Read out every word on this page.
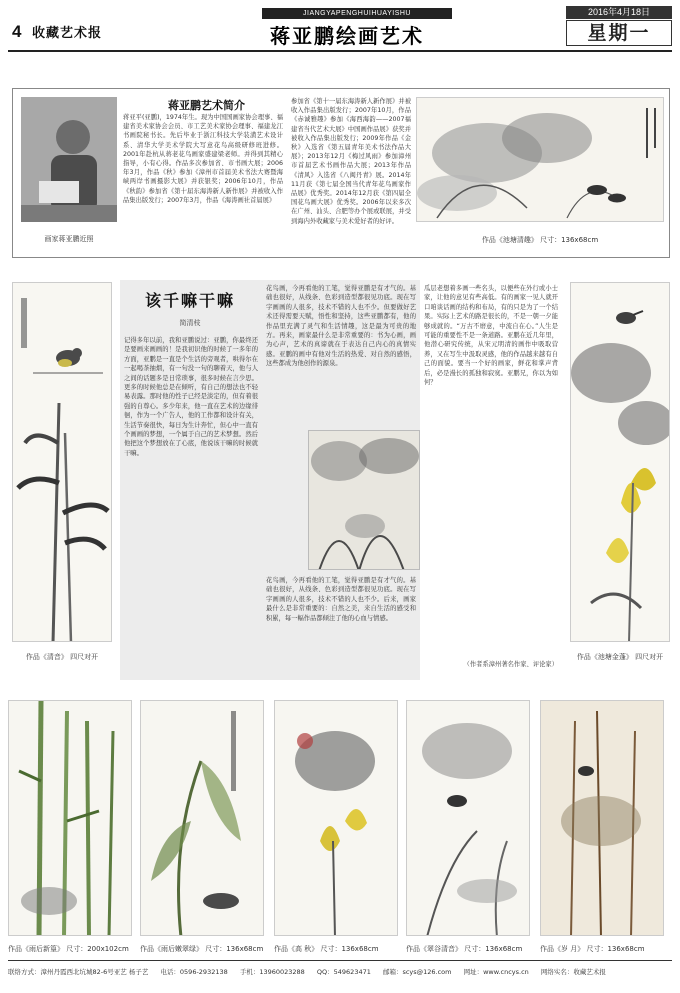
4 收藏艺术报
JIANGYAPENGHUIHUAYISHU
蒋亚鹏绘画艺术
2016年4月18日
星期一
画家蒋亚鹏近照
蒋亚鹏艺术简介
蒋亚平(亚鹏)，1974年生。现为中国国画家协会理事、福建省美术家协会会员、市工艺美术家协会理事、福建龙江书画院秘书长。先后毕业于浙江科技大学装潢艺术设计系、清华大学美术学院大写意花鸟高级研修班进修。2001年赴杭从蒋老花鸟画家盛建梁老师。并得到其精心指导，小有心得。作品多次参加省、市书画大展；2006年3月，作品《秋》参加《漳州市首届美术书法大赛暨海峡两岸书画摄影大展》并获银奖；2006年10月，作品《秋韵》参加省《第十届东海涛新人新作展》并被收入作品集出版发行；2007年3月，作品《海涛画社首届展》
参加省《第十一届东海涛新人新作展》并被收入作品集出版发行；2007年10月，作品《赤诚雅趣》参加《海西海韵——2007福建省当代艺术大展》中国画作品展》获奖并被收入作品集出版发行；2009年作品《金秋》入选省《第五届青年美术书法作品大展》；2013年12月《梅过风雨》参加漳州市首届艺术书画作品大展；2013年作品《清风》入选省《八闽丹青》展。2014年11月获《第七届全国当代青年花鸟画家作品展》优秀奖。2014年12月获《第四届全国花鸟画大展》优秀奖。2006年以来多次在广州、汕头、合肥等办个展或联展，并受到海内外收藏家与美术爱好者的好评。
作品《池塘清趣》 尺寸：136x68cm
作品《清音》 四尺对开
该千嘛干嘛
简清枝
记得多年以前，我和亚鹏说过：亚鹏，你最终还是要画来画画的！是我初识他的时候了一多年的方面，亚鹏是一直是个生活的旁观者，哄得尔在一起喝茶抽烟，有一句没一句的聊着天，他与人之间的话题多是日常琐事，很多时候在言少思。更多的时候他总是在倾听，有自己的想法也不轻易表露。那时他的性子已经是淡定的，但有着很强的自尊心。多少年来，他一直在艺术的边缘徘徊，作为一个广告人，他的工作都和设计有关，生活节奏很快，每日为生计奔忙，但心中一直有个画画的梦想，一个属于自己的艺术梦想。然后他把这个梦想放在了心底，他说该干嘛的时候就干嘛。
花鸟画，今再看他的工笔，觉得亚鹏是有才气的。基础也很好，从线条、色彩到造型都很见功底。现在写字画画的人很多，技术不错的人也不少。但要做好艺术还得需要天赋，悟性和坚持，这些亚鹏都有，他的作品里充满了灵气和生活情趣，这是最为可贵的地方。再来，画家最什么是非常重要的：书为心画，画为心声，艺术的真谛就在于表达自己内心的真情实感。亚鹏的画中有他对生活的热爱、对自然的感悟，这些都成为他创作的源泉。
花鸟画，今再看他的工笔，觉得亚鹏是有才气的。基础也很好，从线条、色彩到造型都很见功底。现在写字画画的人很多，技术不错的人也不少。后来，画家最什么是非常重要的：自然之美，来自生活的感受和积累，每一幅作品都倾注了他的心血与情感。
瓜层老想着多画一些名头，以便些在外行或小士家，让他的意见有些高低。有的画家一见人就开口咱谈话画的结构和布局，有的只是为了一个结果。实际上艺术的路是很长的，不是一朝一夕能够成就的。“万古不磨意，中流自在心。”人生是可能的重要性不是一条道路。亚鹏在近几年里，他潜心研究传统，从宋元明清的画作中吸取营养，又在写生中汲取灵感，他的作品越来越有自己的面貌。要当一个好的画家，鲜花和掌声背后，必是漫长的孤独和寂寞。亚鹏兄，你以为如何？
（作者系漳州著名作家、评论家）
作品《池塘金蓬》 四尺对开
作品《雨后新篁》 尺寸：200x102cm 作品《雨后嫩翠绿》 尺寸：136x68cm 作品《高 秋》 尺寸：136x68cm	作品《翠谷清音》 尺寸：136x68cm	作品《岁 月》 尺寸：136x68cm
联络方式：漳州丹霞西北坑城82-6号亚艺 杨子艺 电话：0596-2932138 手机：13960023288 QQ：549623471 邮箱：scys@126.com 网址：www.cncys.cn 网络实名：收藏艺术报
